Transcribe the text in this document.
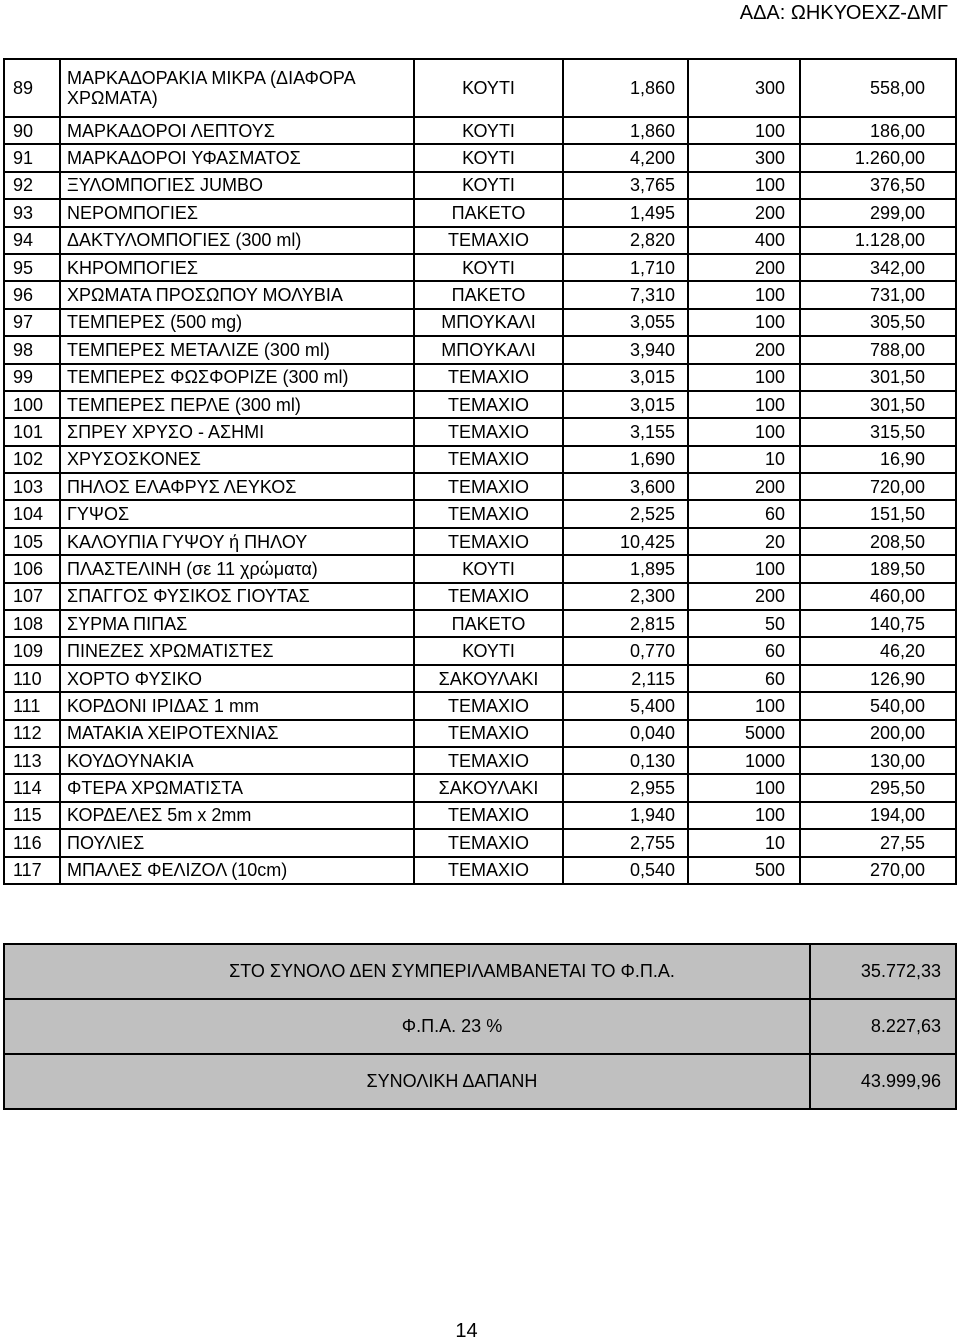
ΑΔΑ: ΩΗΚΥΟΕΧΖ-ΔΜΓ
89	ΜΑΡΚΑΔΟΡΑΚΙΑ ΜΙΚΡΑ (ΔΙΑΦΟΡΑ ΧΡΩΜΑΤΑ)	ΚΟΥΤΙ	1,860	300	558,00
90	ΜΑΡΚΑΔΟΡΟΙ ΛΕΠΤΟΥΣ	ΚΟΥΤΙ	1,860	100	186,00
91	ΜΑΡΚΑΔΟΡΟΙ ΥΦΑΣΜΑΤΟΣ	ΚΟΥΤΙ	4,200	300	1.260,00
92	ΞΥΛΟΜΠΟΓΙΕΣ JUMBO	ΚΟΥΤΙ	3,765	100	376,50
93	ΝΕΡΟΜΠΟΓΙΕΣ	ΠΑΚΕΤΟ	1,495	200	299,00
94	ΔΑΚΤΥΛΟΜΠΟΓΙΕΣ (300 ml)	ΤΕΜΑΧΙΟ	2,820	400	1.128,00
95	ΚΗΡΟΜΠΟΓΙΕΣ	ΚΟΥΤΙ	1,710	200	342,00
96	ΧΡΩΜΑΤΑ ΠΡΟΣΩΠΟΥ ΜΟΛΥΒΙΑ	ΠΑΚΕΤΟ	7,310	100	731,00
97	ΤΕΜΠΕΡΕΣ (500 mg)	ΜΠΟΥΚΑΛΙ	3,055	100	305,50
98	ΤΕΜΠΕΡΕΣ ΜΕΤΑΛΙΖΕ (300 ml)	ΜΠΟΥΚΑΛΙ	3,940	200	788,00
99	ΤΕΜΠΕΡΕΣ ΦΩΣΦΟΡΙΖΕ (300 ml)	ΤΕΜΑΧΙΟ	3,015	100	301,50
100	ΤΕΜΠΕΡΕΣ ΠΕΡΛΕ (300 ml)	ΤΕΜΑΧΙΟ	3,015	100	301,50
101	ΣΠΡΕΥ ΧΡΥΣΟ - ΑΣΗΜΙ	ΤΕΜΑΧΙΟ	3,155	100	315,50
102	ΧΡΥΣΟΣΚΟΝΕΣ	ΤΕΜΑΧΙΟ	1,690	10	16,90
103	ΠΗΛΟΣ ΕΛΑΦΡΥΣ ΛΕΥΚΟΣ	ΤΕΜΑΧΙΟ	3,600	200	720,00
104	ΓΥΨΟΣ	ΤΕΜΑΧΙΟ	2,525	60	151,50
105	ΚΑΛΟΥΠΙΑ ΓΥΨΟΥ ή ΠΗΛΟΥ	ΤΕΜΑΧΙΟ	10,425	20	208,50
106	ΠΛΑΣΤΕΛΙΝΗ (σε 11 χρώματα)	ΚΟΥΤΙ	1,895	100	189,50
107	ΣΠΑΓΓΟΣ ΦΥΣΙΚΟΣ ΓΙΟΥΤΑΣ	ΤΕΜΑΧΙΟ	2,300	200	460,00
108	ΣΥΡΜΑ ΠΙΠΑΣ	ΠΑΚΕΤΟ	2,815	50	140,75
109	ΠΙΝΕΖΕΣ ΧΡΩΜΑΤΙΣΤΕΣ	ΚΟΥΤΙ	0,770	60	46,20
110	ΧΟΡΤΟ ΦΥΣΙΚΟ	ΣΑΚΟΥΛΑΚΙ	2,115	60	126,90
111	ΚΟΡΔΟΝΙ ΙΡΙΔΑΣ 1 mm	ΤΕΜΑΧΙΟ	5,400	100	540,00
112	ΜΑΤΑΚΙΑ ΧΕΙΡΟΤΕΧΝΙΑΣ	ΤΕΜΑΧΙΟ	0,040	5000	200,00
113	ΚΟΥΔΟΥΝΑΚΙΑ	ΤΕΜΑΧΙΟ	0,130	1000	130,00
114	ΦΤΕΡΑ ΧΡΩΜΑΤΙΣΤΑ	ΣΑΚΟΥΛΑΚΙ	2,955	100	295,50
115	ΚΟΡΔΕΛΕΣ 5m x 2mm	ΤΕΜΑΧΙΟ	1,940	100	194,00
116	ΠΟΥΛΙΕΣ	ΤΕΜΑΧΙΟ	2,755	10	27,55
117	ΜΠΑΛΕΣ ΦΕΛΙΖΟΛ (10cm)	ΤΕΜΑΧΙΟ	0,540	500	270,00
ΣΤΟ ΣΥΝΟΛΟ ΔΕΝ ΣΥΜΠΕΡΙΛΑΜΒΑΝΕΤΑΙ ΤΟ Φ.Π.Α.	35.772,33
Φ.Π.Α. 23 %	8.227,63
ΣΥΝΟΛΙΚΗ ΔΑΠΑΝΗ	43.999,96
14
